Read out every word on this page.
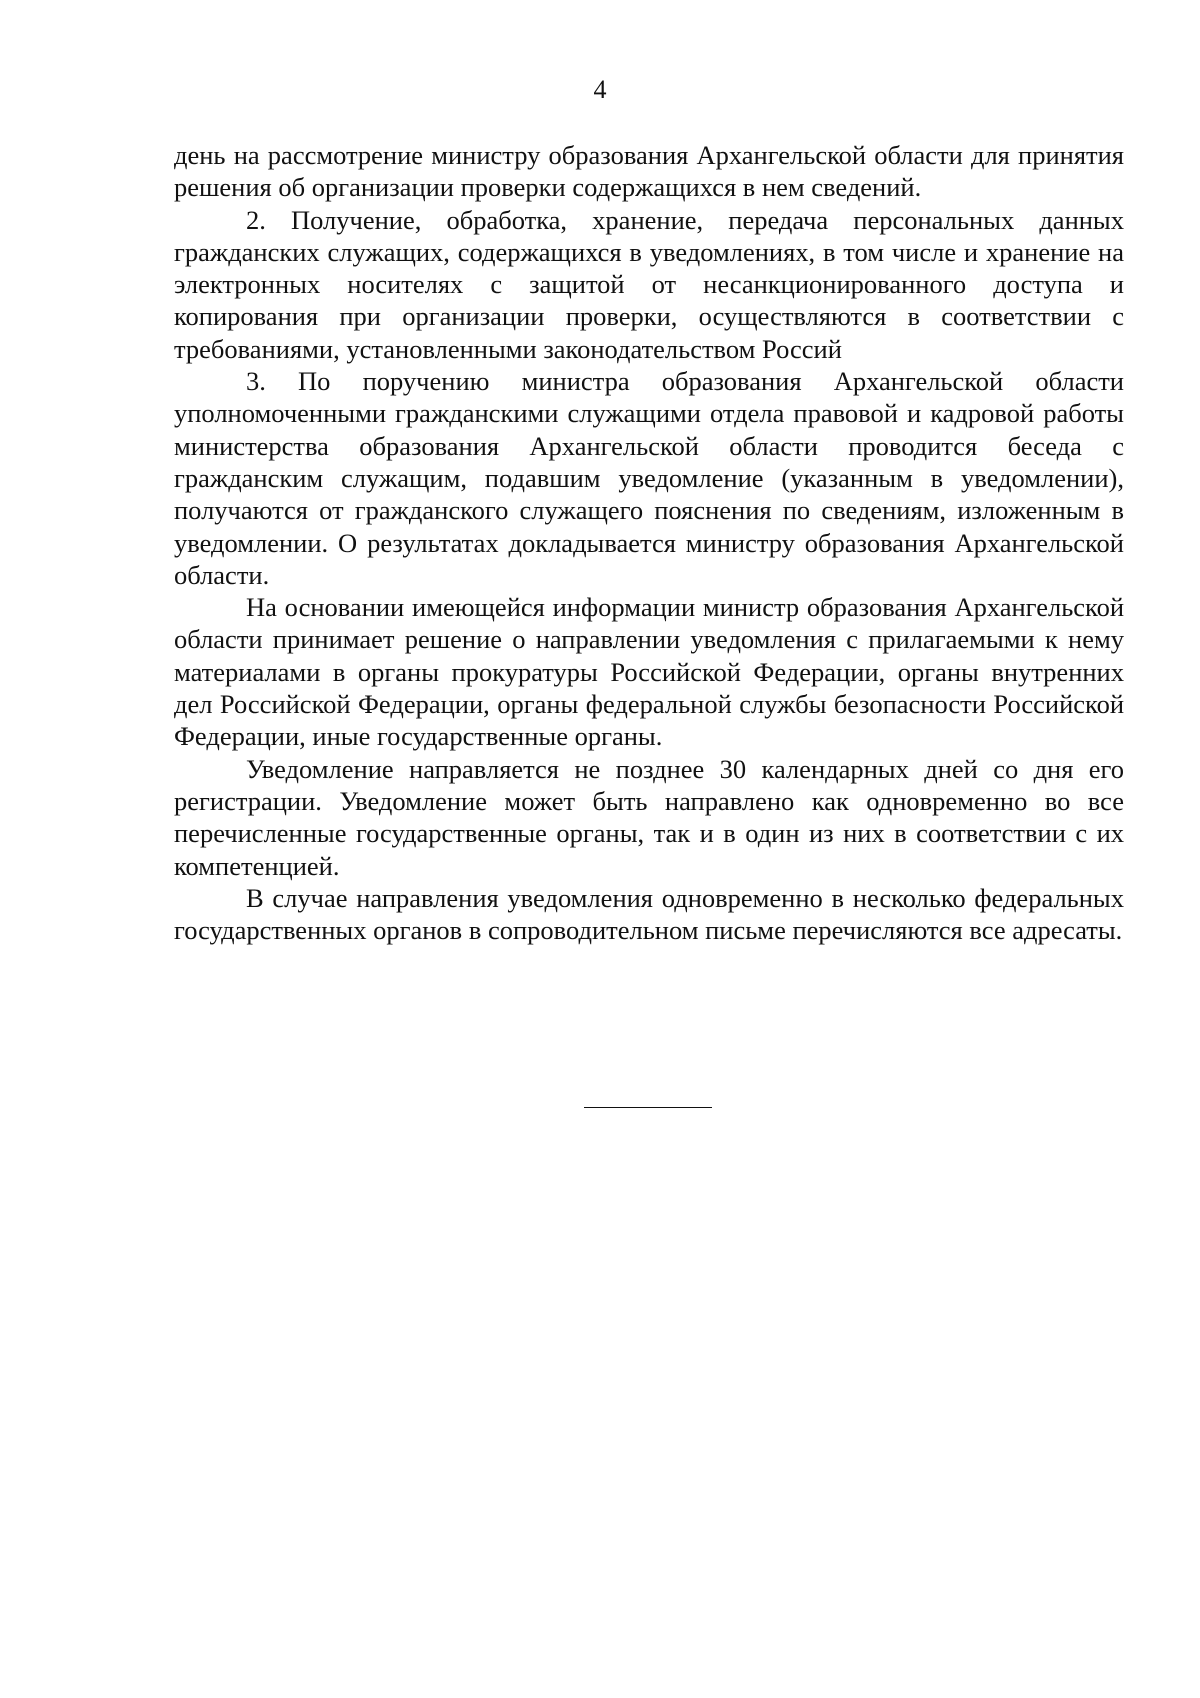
4

день на рассмотрение министру образования Архангельской области для принятия решения об организации проверки содержащихся в нем сведений.

2. Получение, обработка, хранение, передача персональных данных гражданских служащих, содержащихся в уведомлениях, в том числе и хранение на электронных носителях с защитой от несанкционированного доступа и копирования при организации проверки, осуществляются в соответствии с требованиями, установленными законодательством Россий

3. По поручению министра образования Архангельской области уполномоченными гражданскими служащими отдела правовой и кадровой работы министерства образования Архангельской области проводится беседа с гражданским служащим, подавшим уведомление (указанным в уведомлении), получаются от гражданского служащего пояснения по сведениям, изложенным в уведомлении. О результатах докладывается министру образования Архангельской области.

На основании имеющейся информации министр образования Архангельской области принимает решение о направлении уведомления с прилагаемыми к нему материалами в органы прокуратуры Российской Федерации, органы внутренних дел Российской Федерации, органы федеральной службы безопасности Российской Федерации, иные государственные органы.

Уведомление направляется не позднее 30 календарных дней со дня его регистрации. Уведомление может быть направлено как одновременно во все перечисленные государственные органы, так и в один из них в соответствии с их компетенцией.

В случае направления уведомления одновременно в несколько федеральных государственных органов в сопроводительном письме перечисляются все адресаты.
